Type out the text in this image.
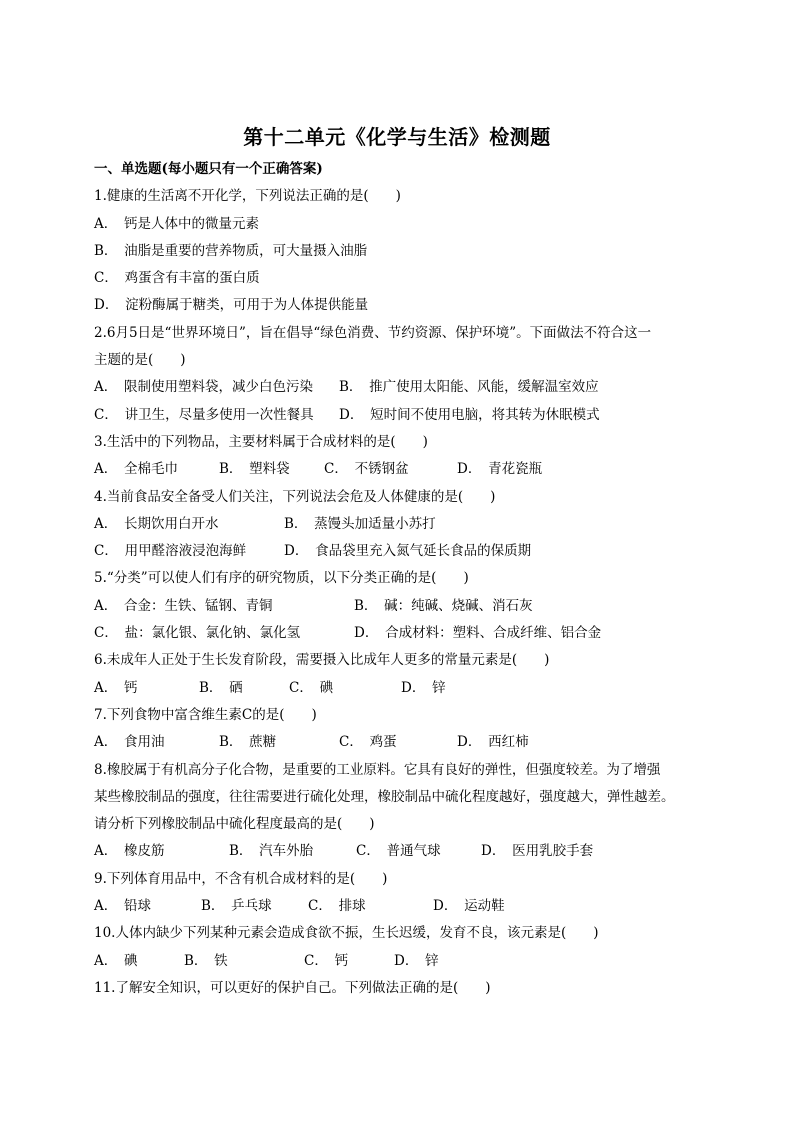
第十二单元《化学与生活》检测题
一、单选题(每小题只有一个正确答案)
1.健康的生活离不开化学，下列说法正确的是(　　)
A．　钙是人体中的微量元素
B．　油脂是重要的营养物质，可大量摄入油脂
C．　鸡蛋含有丰富的蛋白质
D．　淀粉酶属于糖类，可用于为人体提供能量
2.6月5日是“世界环境日”，旨在倡导“绿色消费、节约资源、保护环境”。下面做法不符合这一
主题的是(　　)
A．　限制使用塑料袋，减少白色污染	B．　推广使用太阳能、风能，缓解温室效应
C．　讲卫生，尽量多使用一次性餐具	D．　短时间不使用电脑，将其转为休眠模式
3.生活中的下列物品，主要材料属于合成材料的是(　　)
A．　全棉毛巾	B．　塑料袋	C．　不锈钢盆	D．　青花瓷瓶
4.当前食品安全备受人们关注，下列说法会危及人体健康的是(　　)
A．　长期饮用白开水	B．　蒸馒头加适量小苏打
C．　用甲醛溶液浸泡海鲜	D．　食品袋里充入氮气延长食品的保质期
5.“分类”可以使人们有序的研究物质，以下分类正确的是(　　)
A．　合金：生铁、锰钢、青铜	B．　碱：纯碱、烧碱、消石灰
C．　盐：氯化银、氯化钠、氯化氢	D．　合成材料：塑料、合成纤维、铝合金
6.未成年人正处于生长发育阶段，需要摄入比成年人更多的常量元素是(　　)
A．　钙	B．　硒	C．　碘	D．　锌
7.下列食物中富含维生素C的是(　　)
A．　食用油	B．　蔗糖	C．　鸡蛋	D．　西红柿
8.橡胶属于有机高分子化合物，是重要的工业原料。它具有良好的弹性，但强度较差。为了增强
某些橡胶制品的强度，往往需要进行硫化处理，橡胶制品中硫化程度越好，强度越大，弹性越差。
请分析下列橡胶制品中硫化程度最高的是(　　)
A．　橡皮筋	B．　汽车外胎	C．　普通气球	D．　医用乳胶手套
9.下列体育用品中，不含有机合成材料的是(　　)
A．　铅球	B．　乒乓球	C．　排球	D．　运动鞋
10.人体内缺少下列某种元素会造成食欲不振，生长迟缓，发育不良，该元素是(　　)
A．　碘	B．　铁	C．　钙	D．　锌
11.了解安全知识，可以更好的保护自己。下列做法正确的是(　　)
